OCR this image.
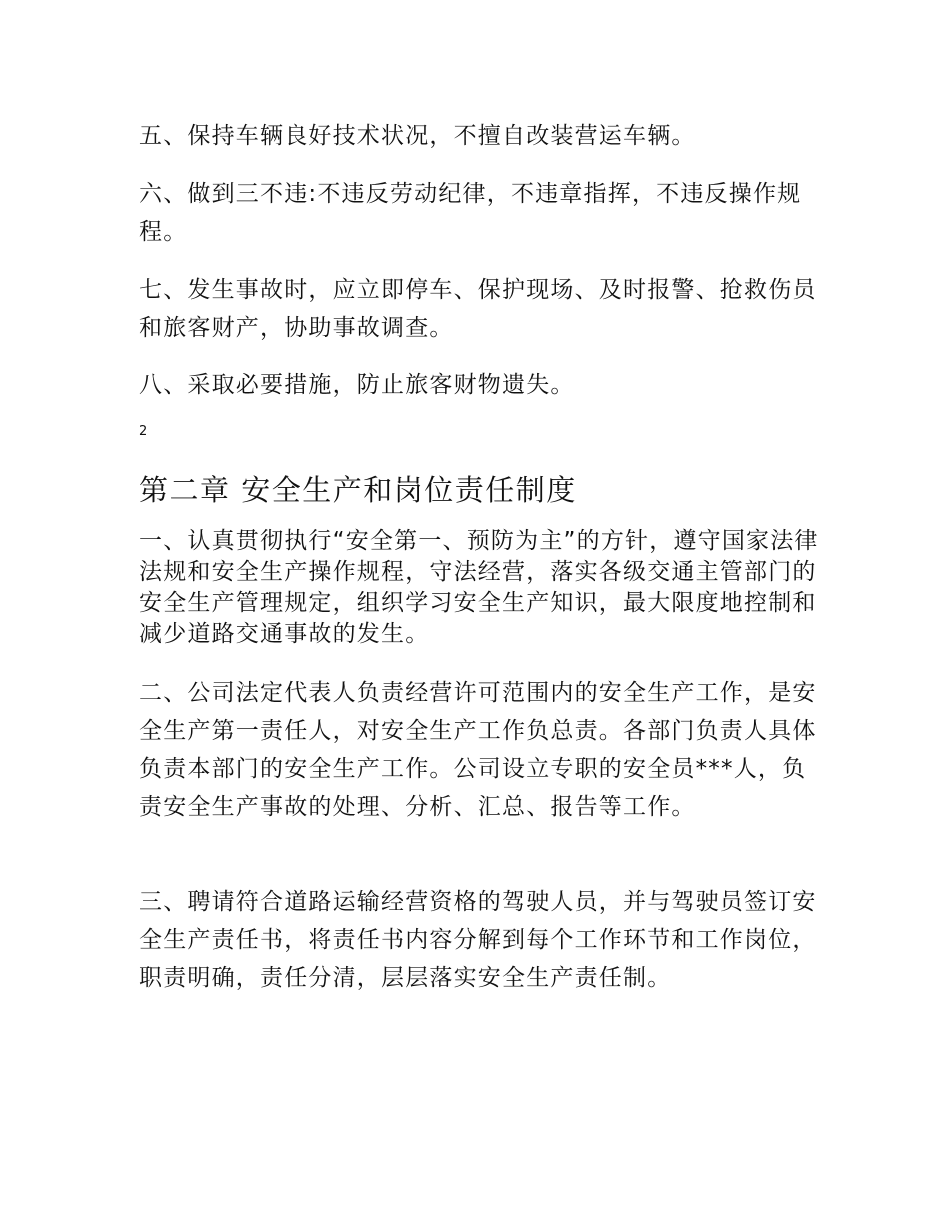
五、保持车辆良好技术状况，不擅自改装营运车辆。

六、做到三不违:不违反劳动纪律，不违章指挥，不违反操作规程。

七、发生事故时，应立即停车、保护现场、及时报警、抢救伤员和旅客财产，协助事故调查。

八、采取必要措施，防止旅客财物遗失。

2

第二章 安全生产和岗位责任制度

一、认真贯彻执行“安全第一、预防为主”的方针，遵守国家法律法规和安全生产操作规程，守法经营，落实各级交通主管部门的安全生产管理规定，组织学习安全生产知识，最大限度地控制和减少道路交通事故的发生。

二、公司法定代表人负责经营许可范围内的安全生产工作，是安全生产第一责任人，对安全生产工作负总责。各部门负责人具体负责本部门的安全生产工作。公司设立专职的安全员***人，负责安全生产事故的处理、分析、汇总、报告等工作。

三、聘请符合道路运输经营资格的驾驶人员，并与驾驶员签订安全生产责任书，将责任书内容分解到每个工作环节和工作岗位，职责明确，责任分清，层层落实安全生产责任制。
